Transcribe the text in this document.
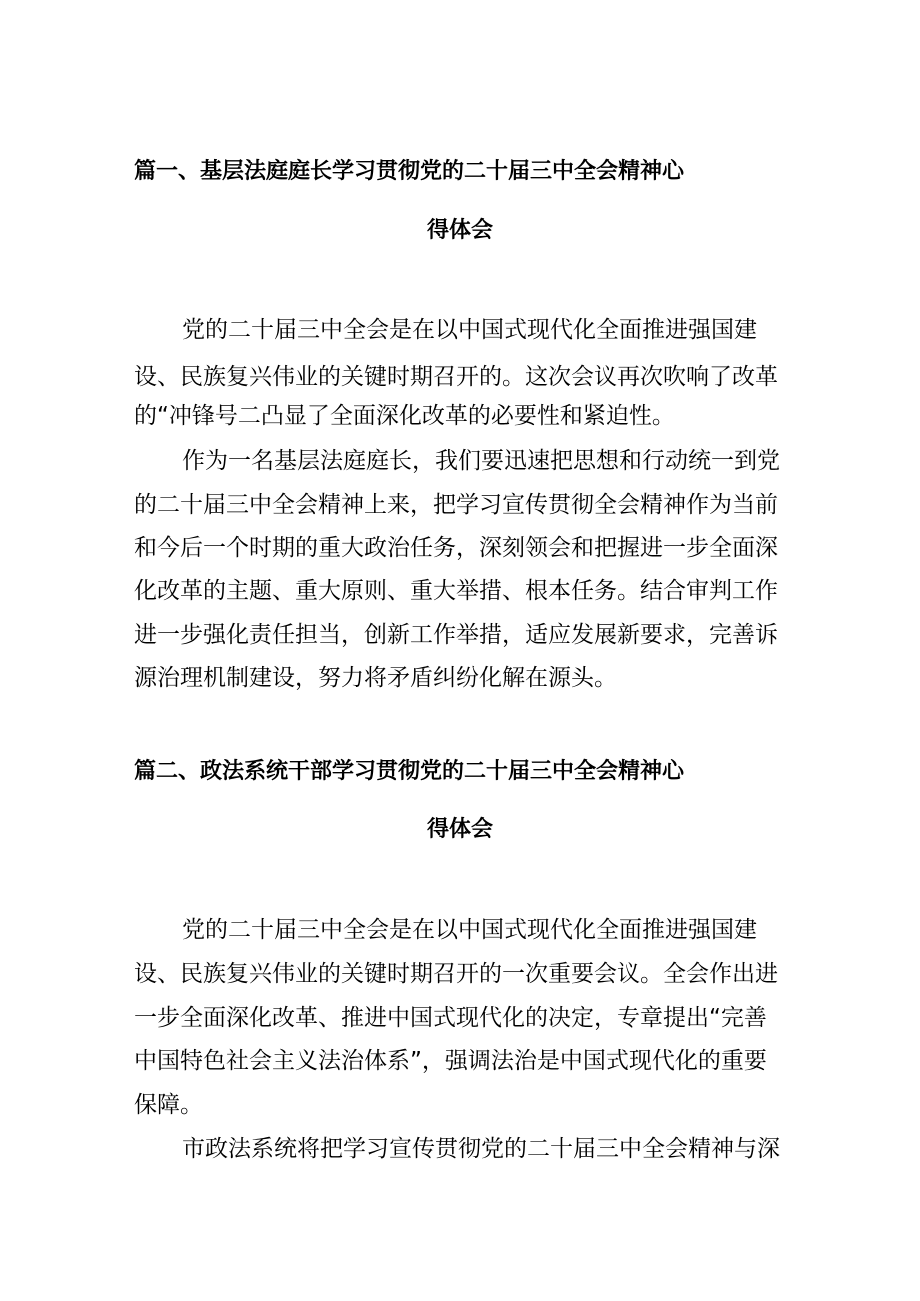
篇一、基层法庭庭长学习贯彻党的二十届三中全会精神心
得体会
党的二十届三中全会是在以中国式现代化全面推进强国建
设、民族复兴伟业的关键时期召开的。这次会议再次吹响了改革
的“冲锋号二凸显了全面深化改革的必要性和紧迫性。
作为一名基层法庭庭长，我们要迅速把思想和行动统一到党
的二十届三中全会精神上来，把学习宣传贯彻全会精神作为当前
和今后一个时期的重大政治任务，深刻领会和把握进一步全面深
化改革的主题、重大原则、重大举措、根本任务。结合审判工作
进一步强化责任担当，创新工作举措，适应发展新要求，完善诉
源治理机制建设，努力将矛盾纠纷化解在源头。
篇二、政法系统干部学习贯彻党的二十届三中全会精神心
得体会
党的二十届三中全会是在以中国式现代化全面推进强国建
设、民族复兴伟业的关键时期召开的一次重要会议。全会作出进
一步全面深化改革、推进中国式现代化的决定，专章提出“完善
中国特色社会主义法治体系”，强调法治是中国式现代化的重要
保障。
市政法系统将把学习宣传贯彻党的二十届三中全会精神与深
